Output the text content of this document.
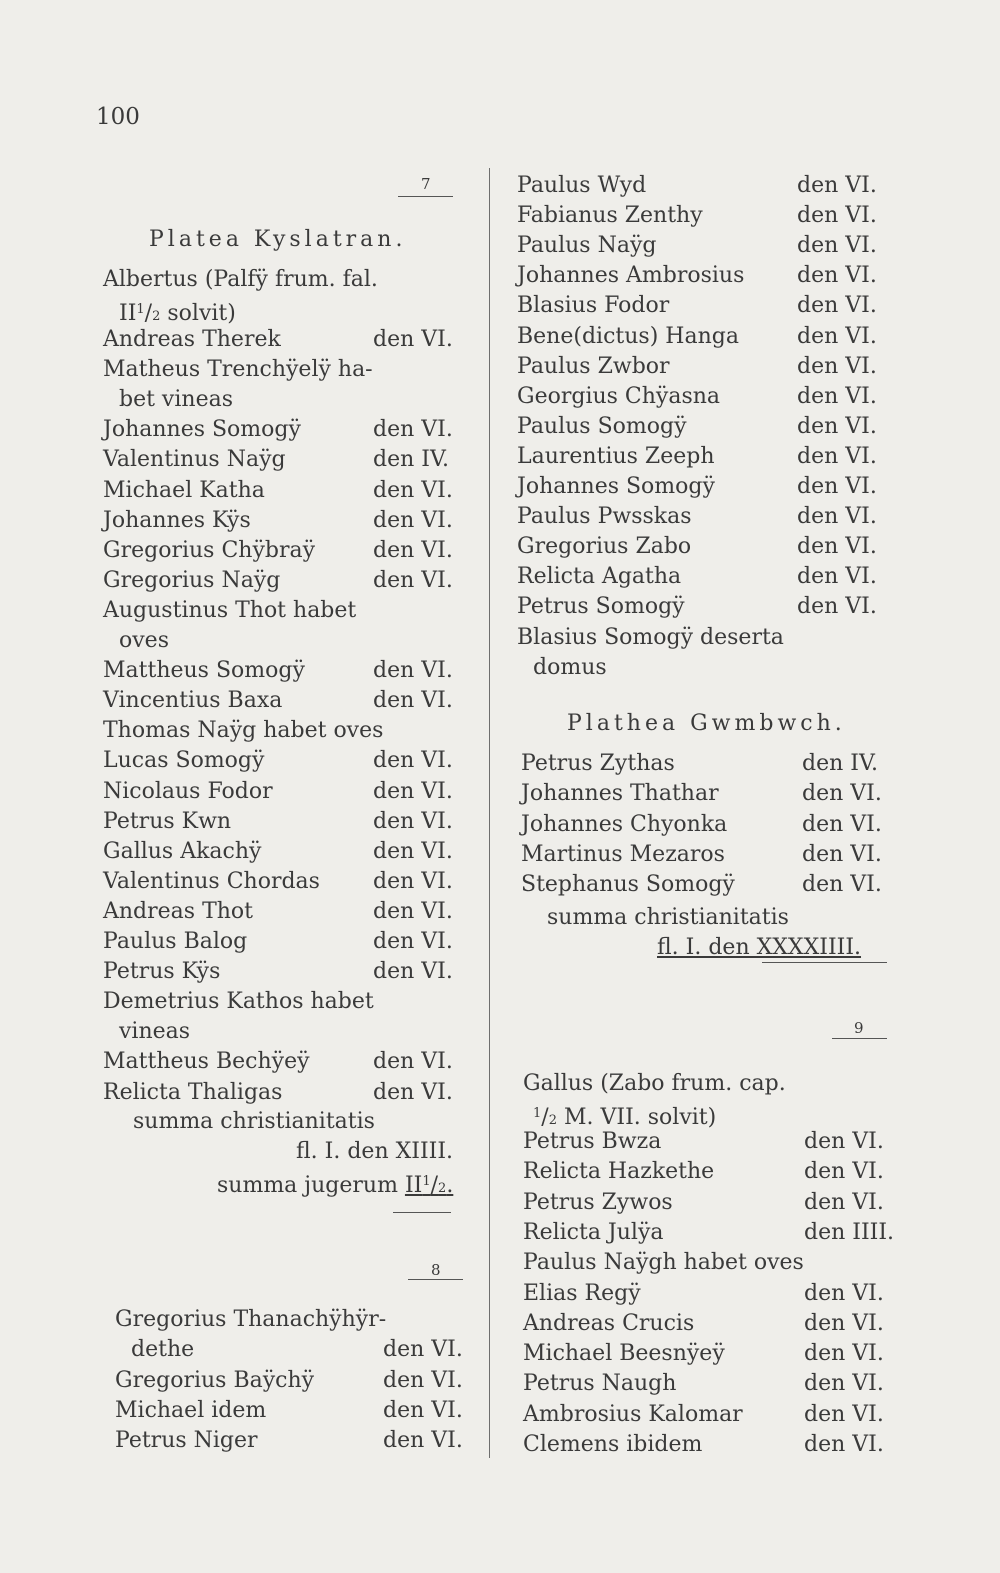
100
7
Platea Kyslatran.
Albertus (Palfÿ frum. fal.
$II^1/2$ solvit)
Andreas Therek	den VI.
Matheus Trenchÿelÿ ha-
bet vineas
Johannes Somogÿ	den VI.
Valentinus Naÿg	den IV.
Michael Katha	den VI.
Johannes Kÿs	den VI.
Gregorius Chÿbraÿ	den VI.
Gregorius Naÿg	den VI.
Augustinus Thot habet
oves
Mattheus Somogÿ	den VI.
Vincentius Baxa	den VI.
Thomas Naÿg habet oves
Lucas Somogÿ	den VI.
Nicolaus Fodor	den VI.
Petrus Kwn	den VI.
Gallus Akachÿ	den VI.
Valentinus Chordas den VI.
Andreas Thot	den VI.
Paulus Balog	den VI.
Petrus Kÿs	den VI.
Demetrius Kathos habet
vineas
Mattheus Bechÿeÿ	den VI.
Relicta Thaligas	den VI.
summa christianitatis
fl. I. den XIIII.
summa jugerum $II^1/2$.
8
Gregorius Thanachÿhÿr-
dethe	den VI.
Gregorius Baÿchÿ	den VI.
Michael idem	den VI.
Petrus Niger	den VI.
Paulus Wyd	den VI.
Fabianus Zenthy	den VI.
Paulus Naÿg	den VI.
Johannes Ambrosius den VI.
Blasius Fodor	den VI.
Bene(dictus) Hanga	den VI.
Paulus Zwbor	den VI.
Georgius Chÿasna	den VI.
Paulus Somogÿ	den VI.
Laurentius Zeeph	den VI.
Johannes Somogÿ	den VI.
Paulus Pwsskas	den VI.
Gregorius Zabo	den VI.
Relicta Agatha	den VI.
Petrus Somogÿ	den VI.
Blasius Somogÿ deserta
domus
Plathea Gwmbwch.
Petrus Zythas	den IV.
Johannes Thathar	den VI.
Johannes Chyonka	den VI.
Martinus Mezaros	den VI.
Stephanus Somogÿ	den VI.
summa christianitatis
fl. I. den XXXXIIII.
9
Gallus (Zabo frum. cap.
$^1$/2 M. VII. solvit)
Petrus Bwza	den VI.
Relicta Hazkethe	den VI.
Petrus Zywos	den VI.
Relicta Julÿa	den IIII.
Paulus Naÿgh habet oves
Elias Regÿ	den VI.
Andreas Crucis	den VI.
Michael Beesnÿeÿ	den VI.
Petrus Naugh	den VI.
Ambrosius Kalomar	den VI.
Clemens ibidem	den VI.
